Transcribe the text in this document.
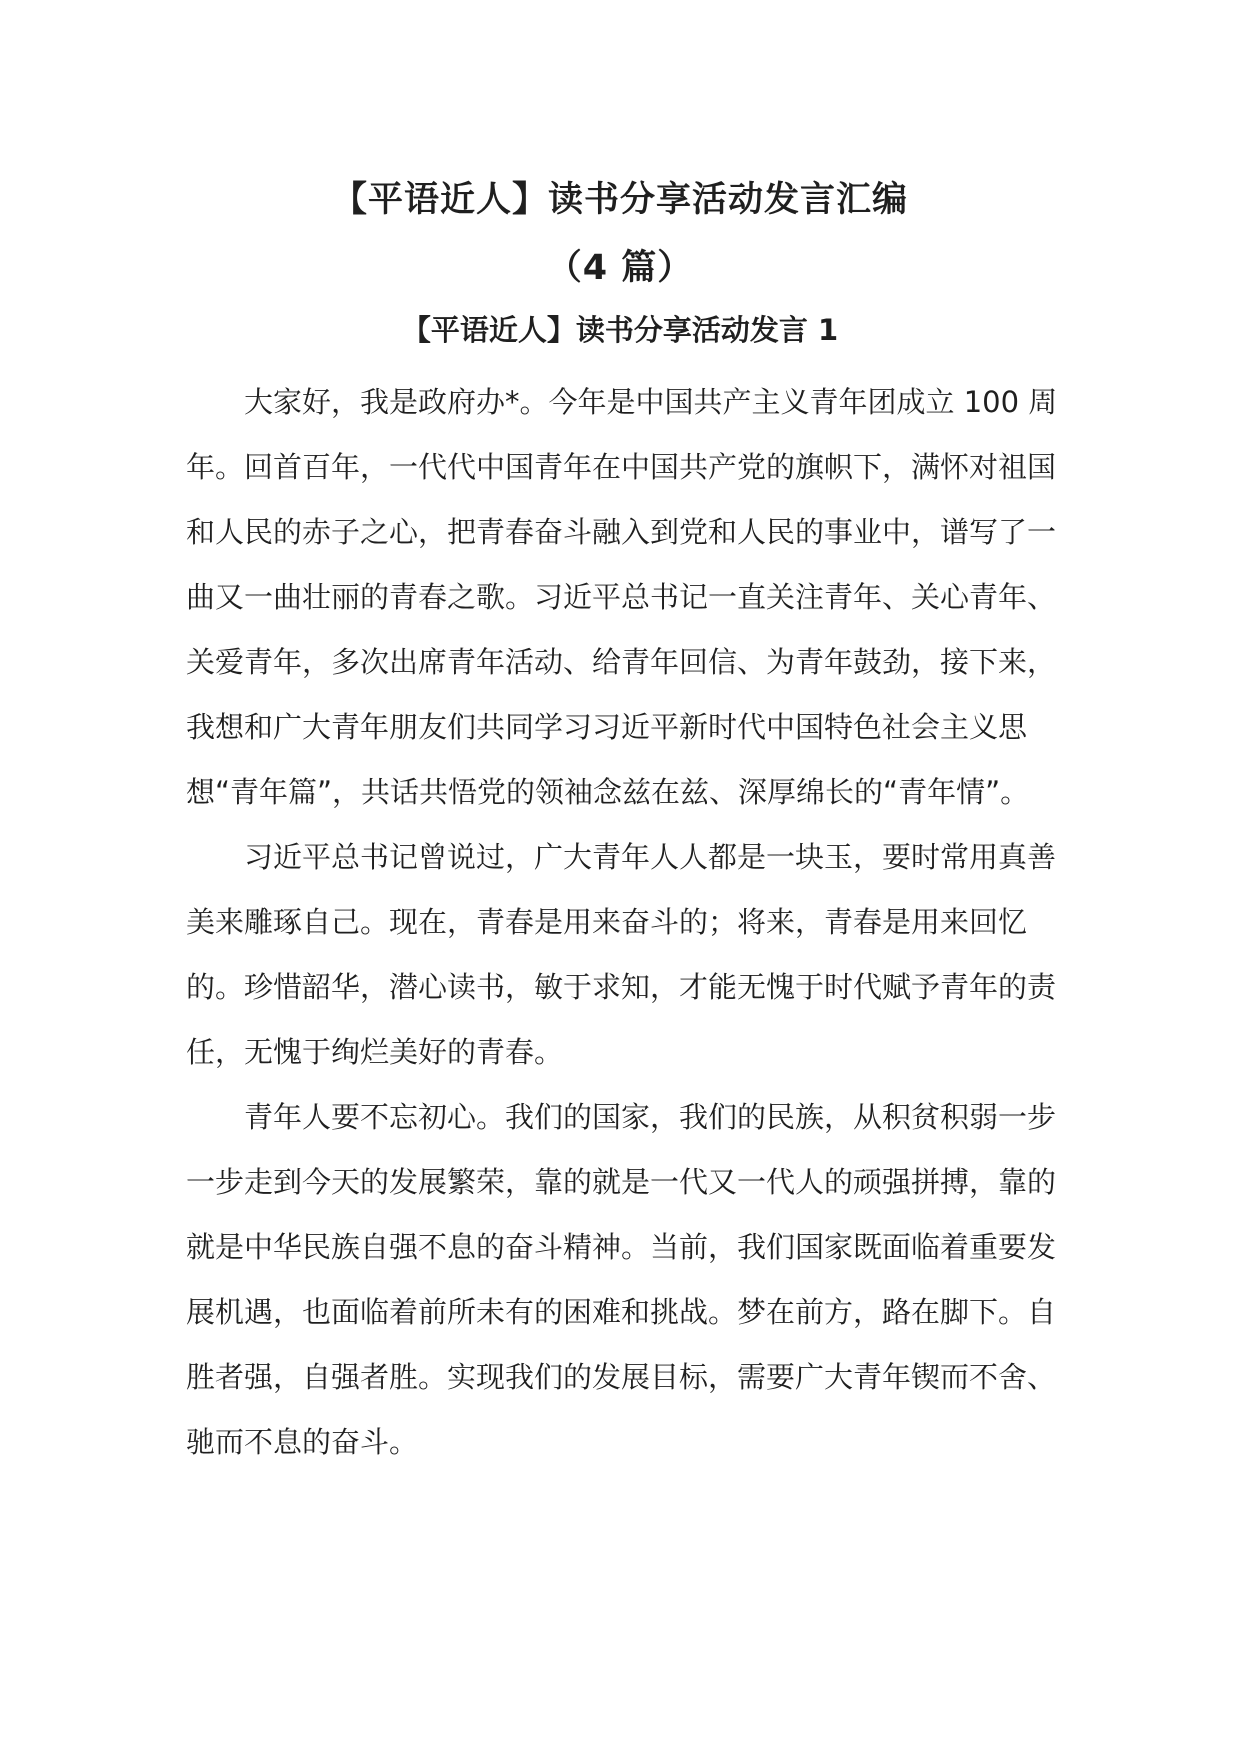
【平语近人】读书分享活动发言汇编
（4 篇）
【平语近人】读书分享活动发言 1

大家好，我是政府办*。今年是中国共产主义青年团成立 100 周年。回首百年，一代代中国青年在中国共产党的旗帜下，满怀对祖国和人民的赤子之心，把青春奋斗融入到党和人民的事业中，谱写了一曲又一曲壮丽的青春之歌。习近平总书记一直关注青年、关心青年、关爱青年，多次出席青年活动、给青年回信、为青年鼓劲，接下来，我想和广大青年朋友们共同学习习近平新时代中国特色社会主义思想“青年篇”，共话共悟党的领袖念兹在兹、深厚绵长的“青年情”。

习近平总书记曾说过，广大青年人人都是一块玉，要时常用真善美来雕琢自己。现在，青春是用来奋斗的；将来，青春是用来回忆的。珍惜韶华，潜心读书，敏于求知，才能无愧于时代赋予青年的责任，无愧于绚烂美好的青春。

青年人要不忘初心。我们的国家，我们的民族，从积贫积弱一步一步走到今天的发展繁荣，靠的就是一代又一代人的顽强拼搏，靠的就是中华民族自强不息的奋斗精神。当前，我们国家既面临着重要发展机遇，也面临着前所未有的困难和挑战。梦在前方，路在脚下。自胜者强，自强者胜。实现我们的发展目标，需要广大青年锲而不舍、驰而不息的奋斗。
